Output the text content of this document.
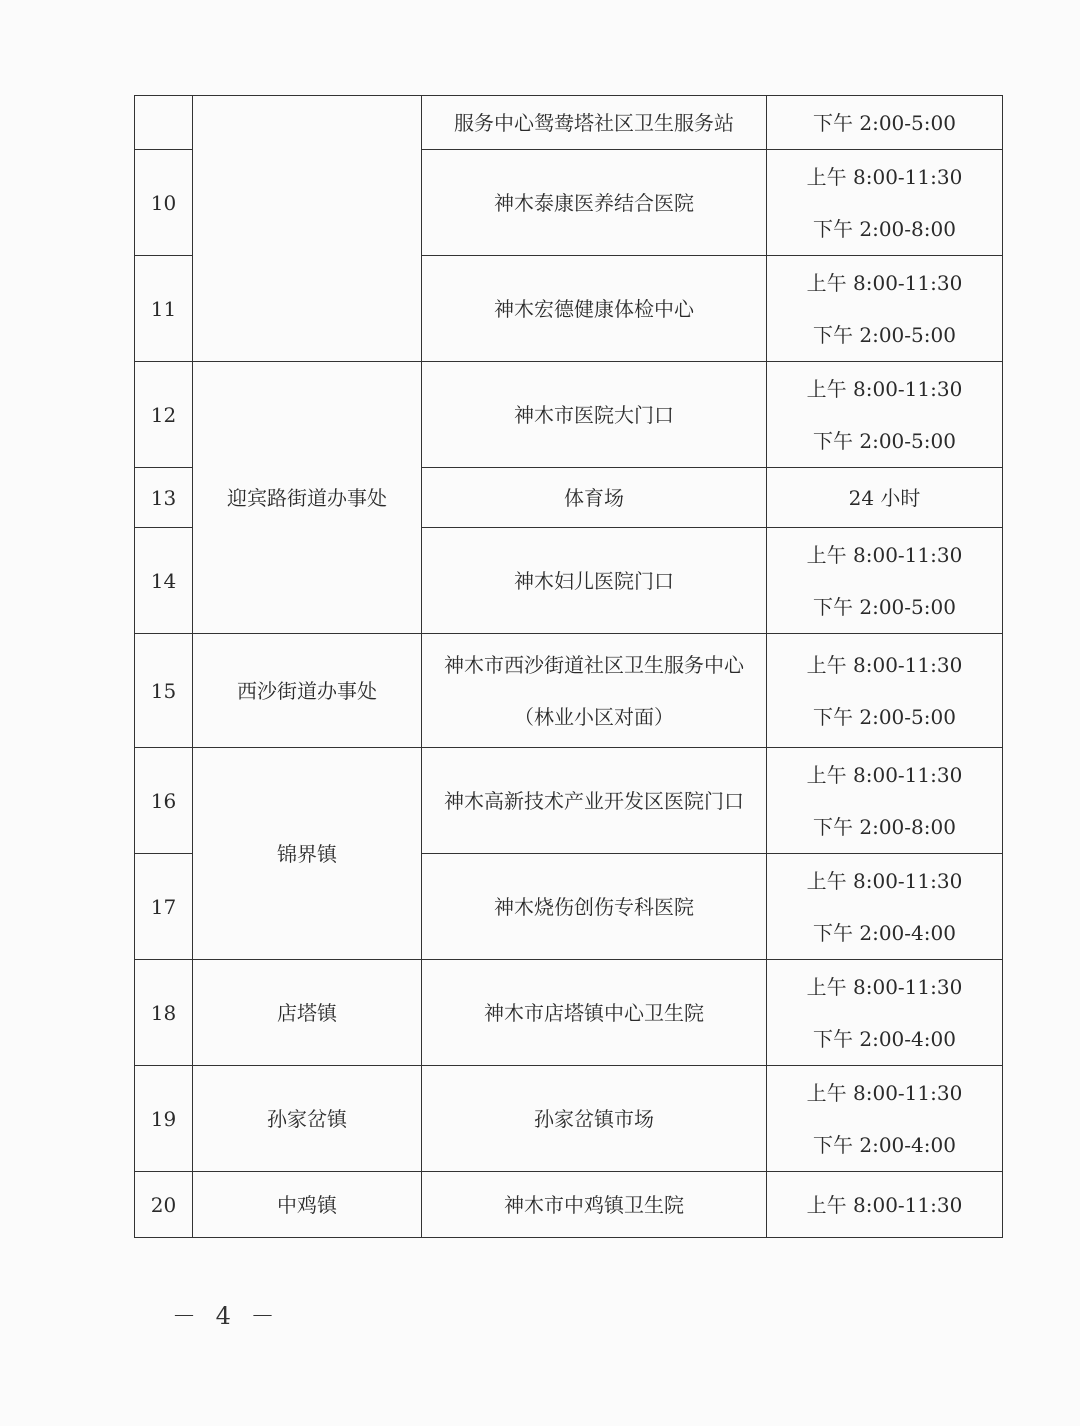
		服务中心鸳鸯塔社区卫生服务站	下午 2:00-5:00

10		神木泰康医养结合医院	上午 8:00-11:30
下午 2:00-8:00

11		神木宏德健康体检中心	上午 8:00-11:30
下午 2:00-5:00

12	迎宾路街道办事处	神木市医院大门口	上午 8:00-11:30
下午 2:00-5:00

13		体育场	24 小时

14		神木妇儿医院门口	上午 8:00-11:30
下午 2:00-5:00

15	西沙街道办事处	神木市西沙街道社区卫生服务中心
（林业小区对面）	上午 8:00-11:30
下午 2:00-5:00

16	锦界镇	神木高新技术产业开发区医院门口	上午 8:00-11:30
下午 2:00-8:00

17		神木烧伤创伤专科医院	上午 8:00-11:30
下午 2:00-4:00

18	店塔镇	神木市店塔镇中心卫生院	上午 8:00-11:30
下午 2:00-4:00

19	孙家岔镇	孙家岔镇市场	上午 8:00-11:30
下午 2:00-4:00

20	中鸡镇	神木市中鸡镇卫生院	上午 8:00-11:30
－ 4 －
